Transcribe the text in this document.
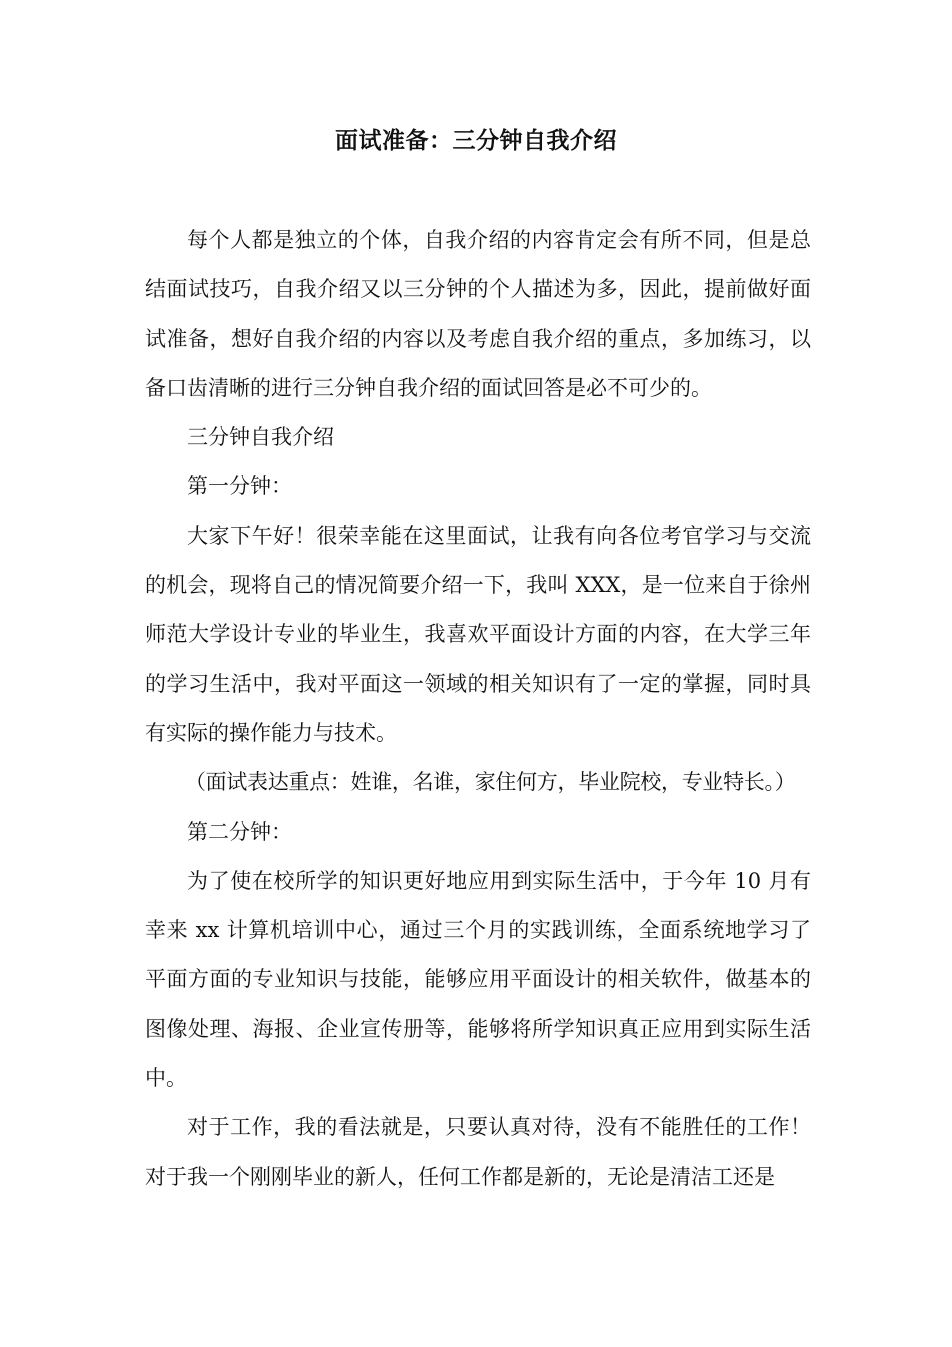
面试准备：三分钟自我介绍

每个人都是独立的个体，自我介绍的内容肯定会有所不同，但是总结面试技巧，自我介绍又以三分钟的个人描述为多，因此，提前做好面试准备，想好自我介绍的内容以及考虑自我介绍的重点，多加练习，以备口齿清晰的进行三分钟自我介绍的面试回答是必不可少的。

三分钟自我介绍

第一分钟：

大家下午好！很荣幸能在这里面试，让我有向各位考官学习与交流的机会，现将自己的情况简要介绍一下，我叫 XXX，是一位来自于徐州师范大学设计专业的毕业生，我喜欢平面设计方面的内容，在大学三年的学习生活中，我对平面这一领域的相关知识有了一定的掌握，同时具有实际的操作能力与技术。

（面试表达重点：姓谁，名谁，家住何方，毕业院校，专业特长。）

第二分钟：

为了使在校所学的知识更好地应用到实际生活中，于今年 10 月有幸来 xx 计算机培训中心，通过三个月的实践训练，全面系统地学习了平面方面的专业知识与技能，能够应用平面设计的相关软件，做基本的图像处理、海报、企业宣传册等，能够将所学知识真正应用到实际生活中。

对于工作，我的看法就是，只要认真对待，没有不能胜任的工作！对于我一个刚刚毕业的新人，任何工作都是新的，无论是清洁工还是
